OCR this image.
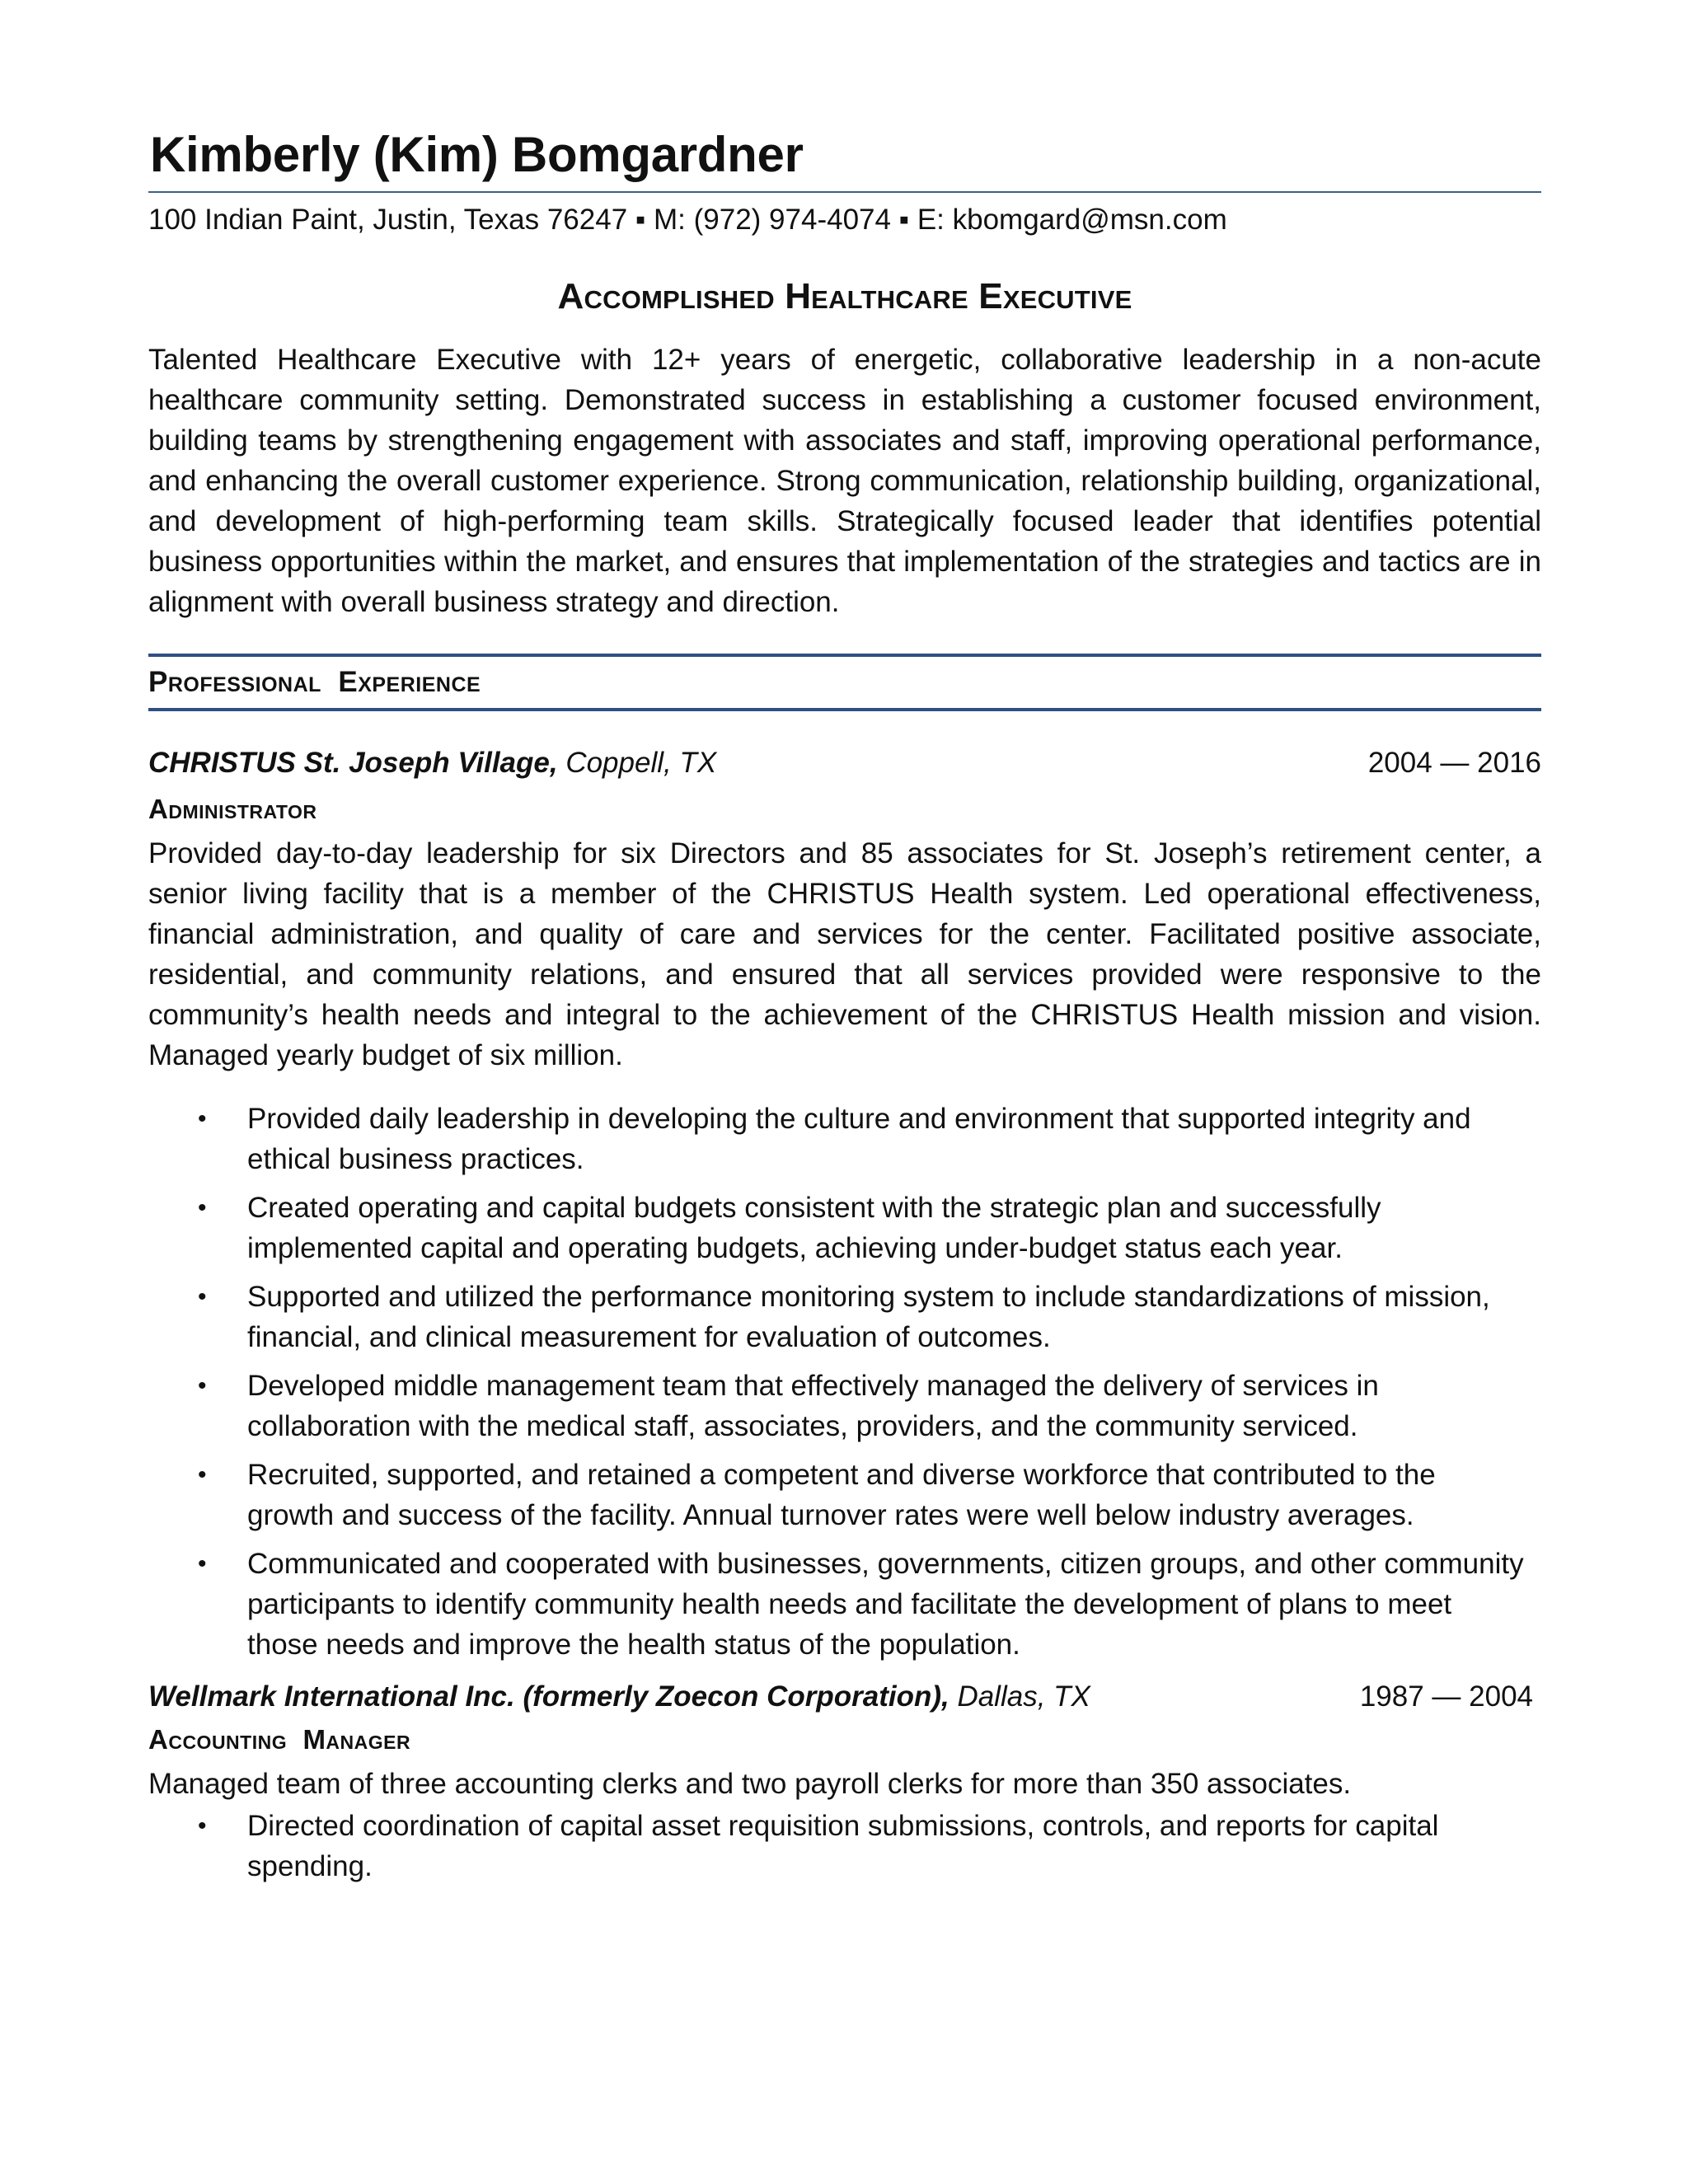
Kimberly (Kim) Bomgardner
100 Indian Paint, Justin, Texas 76247 ▪ M: (972) 974-4074 ▪ E: kbomgard@msn.com
Accomplished Healthcare Executive
Talented Healthcare Executive with 12+ years of energetic, collaborative leadership in a non-acute healthcare community setting. Demonstrated success in establishing a customer focused environment, building teams by strengthening engagement with associates and staff, improving operational performance, and enhancing the overall customer experience. Strong communication, relationship building, organizational, and development of high-performing team skills. Strategically focused leader that identifies potential business opportunities within the market, and ensures that implementation of the strategies and tactics are in alignment with overall business strategy and direction.
Professional  Experience
CHRISTUS St. Joseph Village, Coppell, TX	2004 — 2016
Administrator
Provided day-to-day leadership for six Directors and 85 associates for St. Joseph’s retirement center, a senior living facility that is a member of the CHRISTUS Health system. Led operational effectiveness, financial administration, and quality of care and services for the center. Facilitated positive associate, residential, and community relations, and ensured that all services provided were responsive to the community’s health needs and integral to the achievement of the CHRISTUS Health mission and vision. Managed yearly budget of six million.
• Provided daily leadership in developing the culture and environment that supported integrity and ethical business practices.
• Created operating and capital budgets consistent with the strategic plan and successfully implemented capital and operating budgets, achieving under-budget status each year.
• Supported and utilized the performance monitoring system to include standardizations of mission, financial, and clinical measurement for evaluation of outcomes.
• Developed middle management team that effectively managed the delivery of services in collaboration with the medical staff, associates, providers, and the community serviced.
• Recruited, supported, and retained a competent and diverse workforce that contributed to the growth and success of the facility. Annual turnover rates were well below industry averages.
• Communicated and cooperated with businesses, governments, citizen groups, and other community participants to identify community health needs and facilitate the development of plans to meet those needs and improve the health status of the population.
Wellmark International Inc. (formerly Zoecon Corporation), Dallas, TX	1987 — 2004
Accounting  Manager
Managed team of three accounting clerks and two payroll clerks for more than 350 associates.
• Directed coordination of capital asset requisition submissions, controls, and reports for capital spending.
